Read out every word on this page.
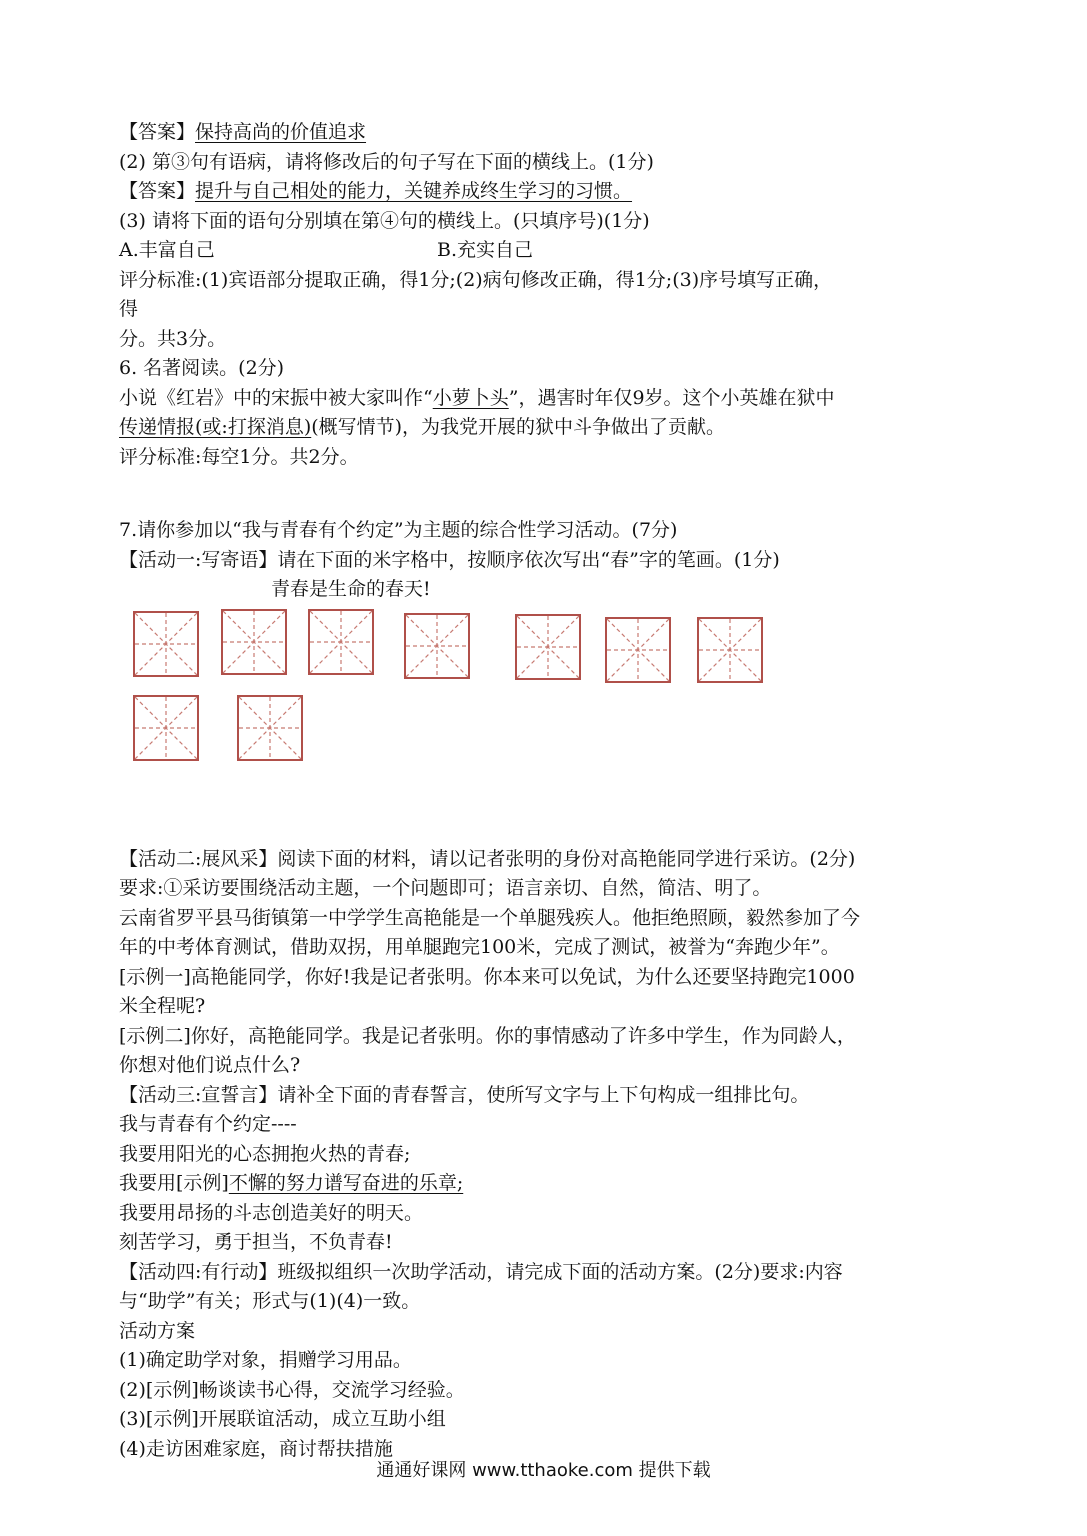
【答案】保持高尚的价值追求
(2) 第③句有语病，请将修改后的句子写在下面的横线上。(1分)
【答案】提升与自己相处的能力，关键养成终生学习的习惯。
(3) 请将下面的语句分别填在第④句的横线上。(只填序号)(1分)
A.丰富自己	B.充实自己
评分标准:(1)宾语部分提取正确，得1分;(2)病句修改正确，得1分;(3)序号填写正确，
得
分。共3分。
6. 名著阅读。(2分)
小说《红岩》中的宋振中被大家叫作“小萝卜头”，遇害时年仅9岁。这个小英雄在狱中
传递情报(或:打探消息)(概写情节)，为我党开展的狱中斗争做出了贡献。
评分标准:每空1分。共2分。
7.请你参加以“我与青春有个约定”为主题的综合性学习活动。(7分)
【活动一:写寄语】请在下面的米字格中，按顺序依次写出“春”字的笔画。(1分)
青春是生命的春天!
【活动二:展风采】阅读下面的材料，请以记者张明的身份对高艳能同学进行采访。(2分)
要求:①采访要围绕活动主题，一个问题即可；语言亲切、自然，简洁、明了。
云南省罗平县马街镇第一中学学生高艳能是一个单腿残疾人。他拒绝照顾，毅然参加了今
年的中考体育测试，借助双拐，用单腿跑完100米，完成了测试，被誉为“奔跑少年”。
[示例一]高艳能同学，你好!我是记者张明。你本来可以免试，为什么还要坚持跑完1000
米全程呢?
[示例二]你好，高艳能同学。我是记者张明。你的事情感动了许多中学生，作为同龄人，
你想对他们说点什么?
【活动三:宣誓言】请补全下面的青春誓言，使所写文字与上下句构成一组排比句。
我与青春有个约定----
我要用阳光的心态拥抱火热的青春;
我要用[示例]不懈的努力谱写奋进的乐章;
我要用昂扬的斗志创造美好的明天。
刻苦学习，勇于担当，不负青春!
【活动四:有行动】班级拟组织一次助学活动，请完成下面的活动方案。(2分)要求:内容
与“助学”有关；形式与(1)(4)一致。
活动方案
(1)确定助学对象，捐赠学习用品。
(2)[示例]畅谈读书心得，交流学习经验。
(3)[示例]开展联谊活动，成立互助小组
(4)走访困难家庭，商讨帮扶措施
通通好课网 www.tthaoke.com 提供下载
